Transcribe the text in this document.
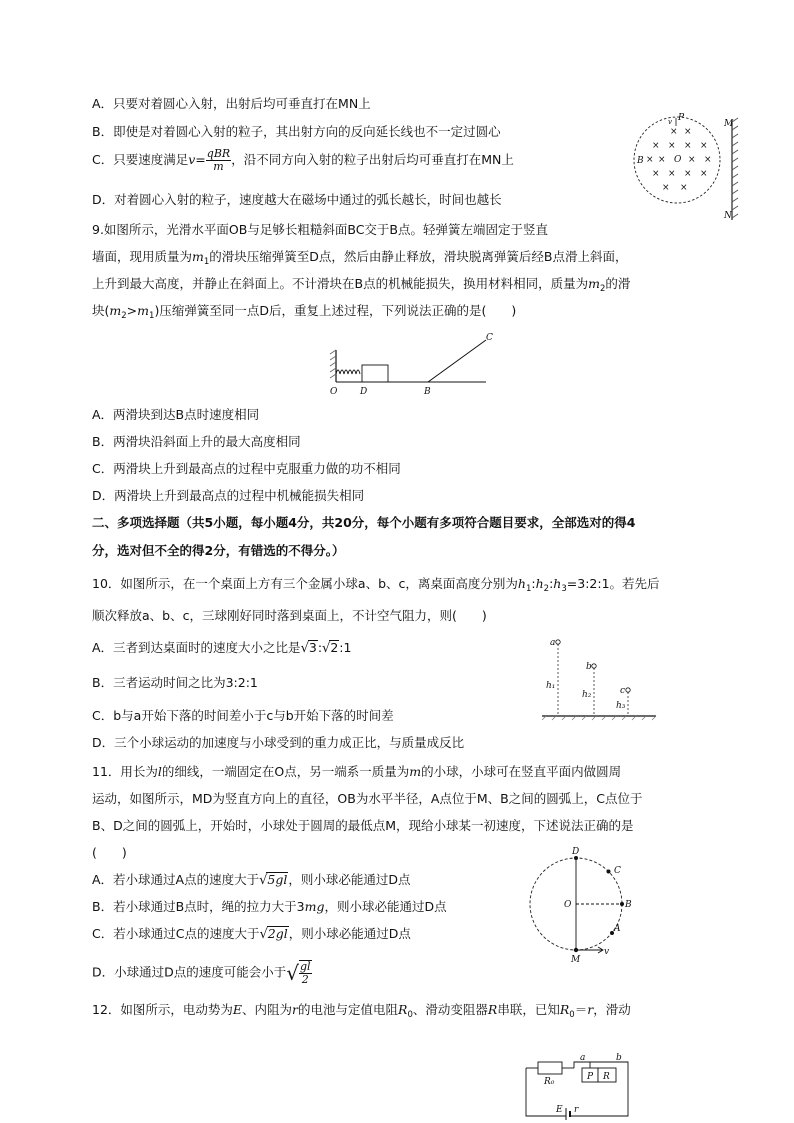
A．只要对着圆心入射，出射后均可垂直打在MN上
B．即使是对着圆心入射的粒子，其出射方向的反向延长线也不一定过圆心
C．只要速度满足$v= \frac{\text{qBR}}{m}$ ，沿不同方向入射的粒子出射后均可垂直打在MN上
D．对着圆心入射的粒子，速度越大在磁场中通过的弧长越长，时间也越长
M
N
P
v
B	O
× ×
× × × ×
× × × ×
× × × ×
× ×
9.如图所示，光滑水平面OB与足够长粗糙斜面BC交于B点。轻弹簧左端固定于竖直
墙面，现用质量为$m_1$的滑块压缩弹簧至D点，然后由静止释放，滑块脱离弹簧后经B点滑上斜面，
上升到最大高度，并静止在斜面上。不计滑块在B点的机械能损失，换用材料相同，质量为$m_2$的滑
块$(m_2>m_1)$压缩弹簧至同一点D后，重复上述过程，下列说法正确的是(　　)
O	D	B
C
A．两滑块到达B点时速度相同
B．两滑块沿斜面上升的最大高度相同
C．两滑块上升到最高点的过程中克服重力做的功不相同
D．两滑块上升到最高点的过程中机械能损失相同
二、多项选择题（共5小题，每小题4分，共20分，每个小题有多项符合题目要求，全部选对的得4
分，选对但不全的得2分，有错选的不得分。）
10．如图所示，在一个桌面上方有三个金属小球a、b、c，离桌面高度分别为$h_1:h_2:h_3=3:2:1$。若先后
顺次释放a、b、c，三球刚好同时落到桌面上，不计空气阻力，则(　　)
A．三者到达桌面时的速度大小之比是√3:√2:1
B．三者运动时间之比为3:2:1
C．b与a开始下落的时间差小于c与b开始下落的时间差
D．三个小球运动的加速度与小球受到的重力成正比，与质量成反比
a
b
c
h₁
h₂
h₃
11．用长为l的细线，一端固定在O点，另一端系一质量为m的小球，小球可在竖直平面内做圆周
运动，如图所示，MD为竖直方向上的直径，OB为水平半径，A点位于M、B之间的圆弧上，C点位于
B、D之间的圆弧上，开始时，小球处于圆周的最低点M，现给小球某一初速度，下述说法正确的是
(　　)
A．若小球通过A点的速度大于√5gl，则小球必能通过D点
B．若小球通过B点时，绳的拉力大于3mg，则小球必能通过D点
C．若小球通过C点的速度大于√2gl，则小球必能通过D点
D．小球通过D点的速度可能会小于√ $\frac{gl}{2}$
D
C
O	B
A
M
v
12．如图所示，电动势为E、内阻为r的电池与定值电阻$R_0$、滑动变阻器R串联，已知$R_0=r$，滑动
R₀
a	b
P R
E r
